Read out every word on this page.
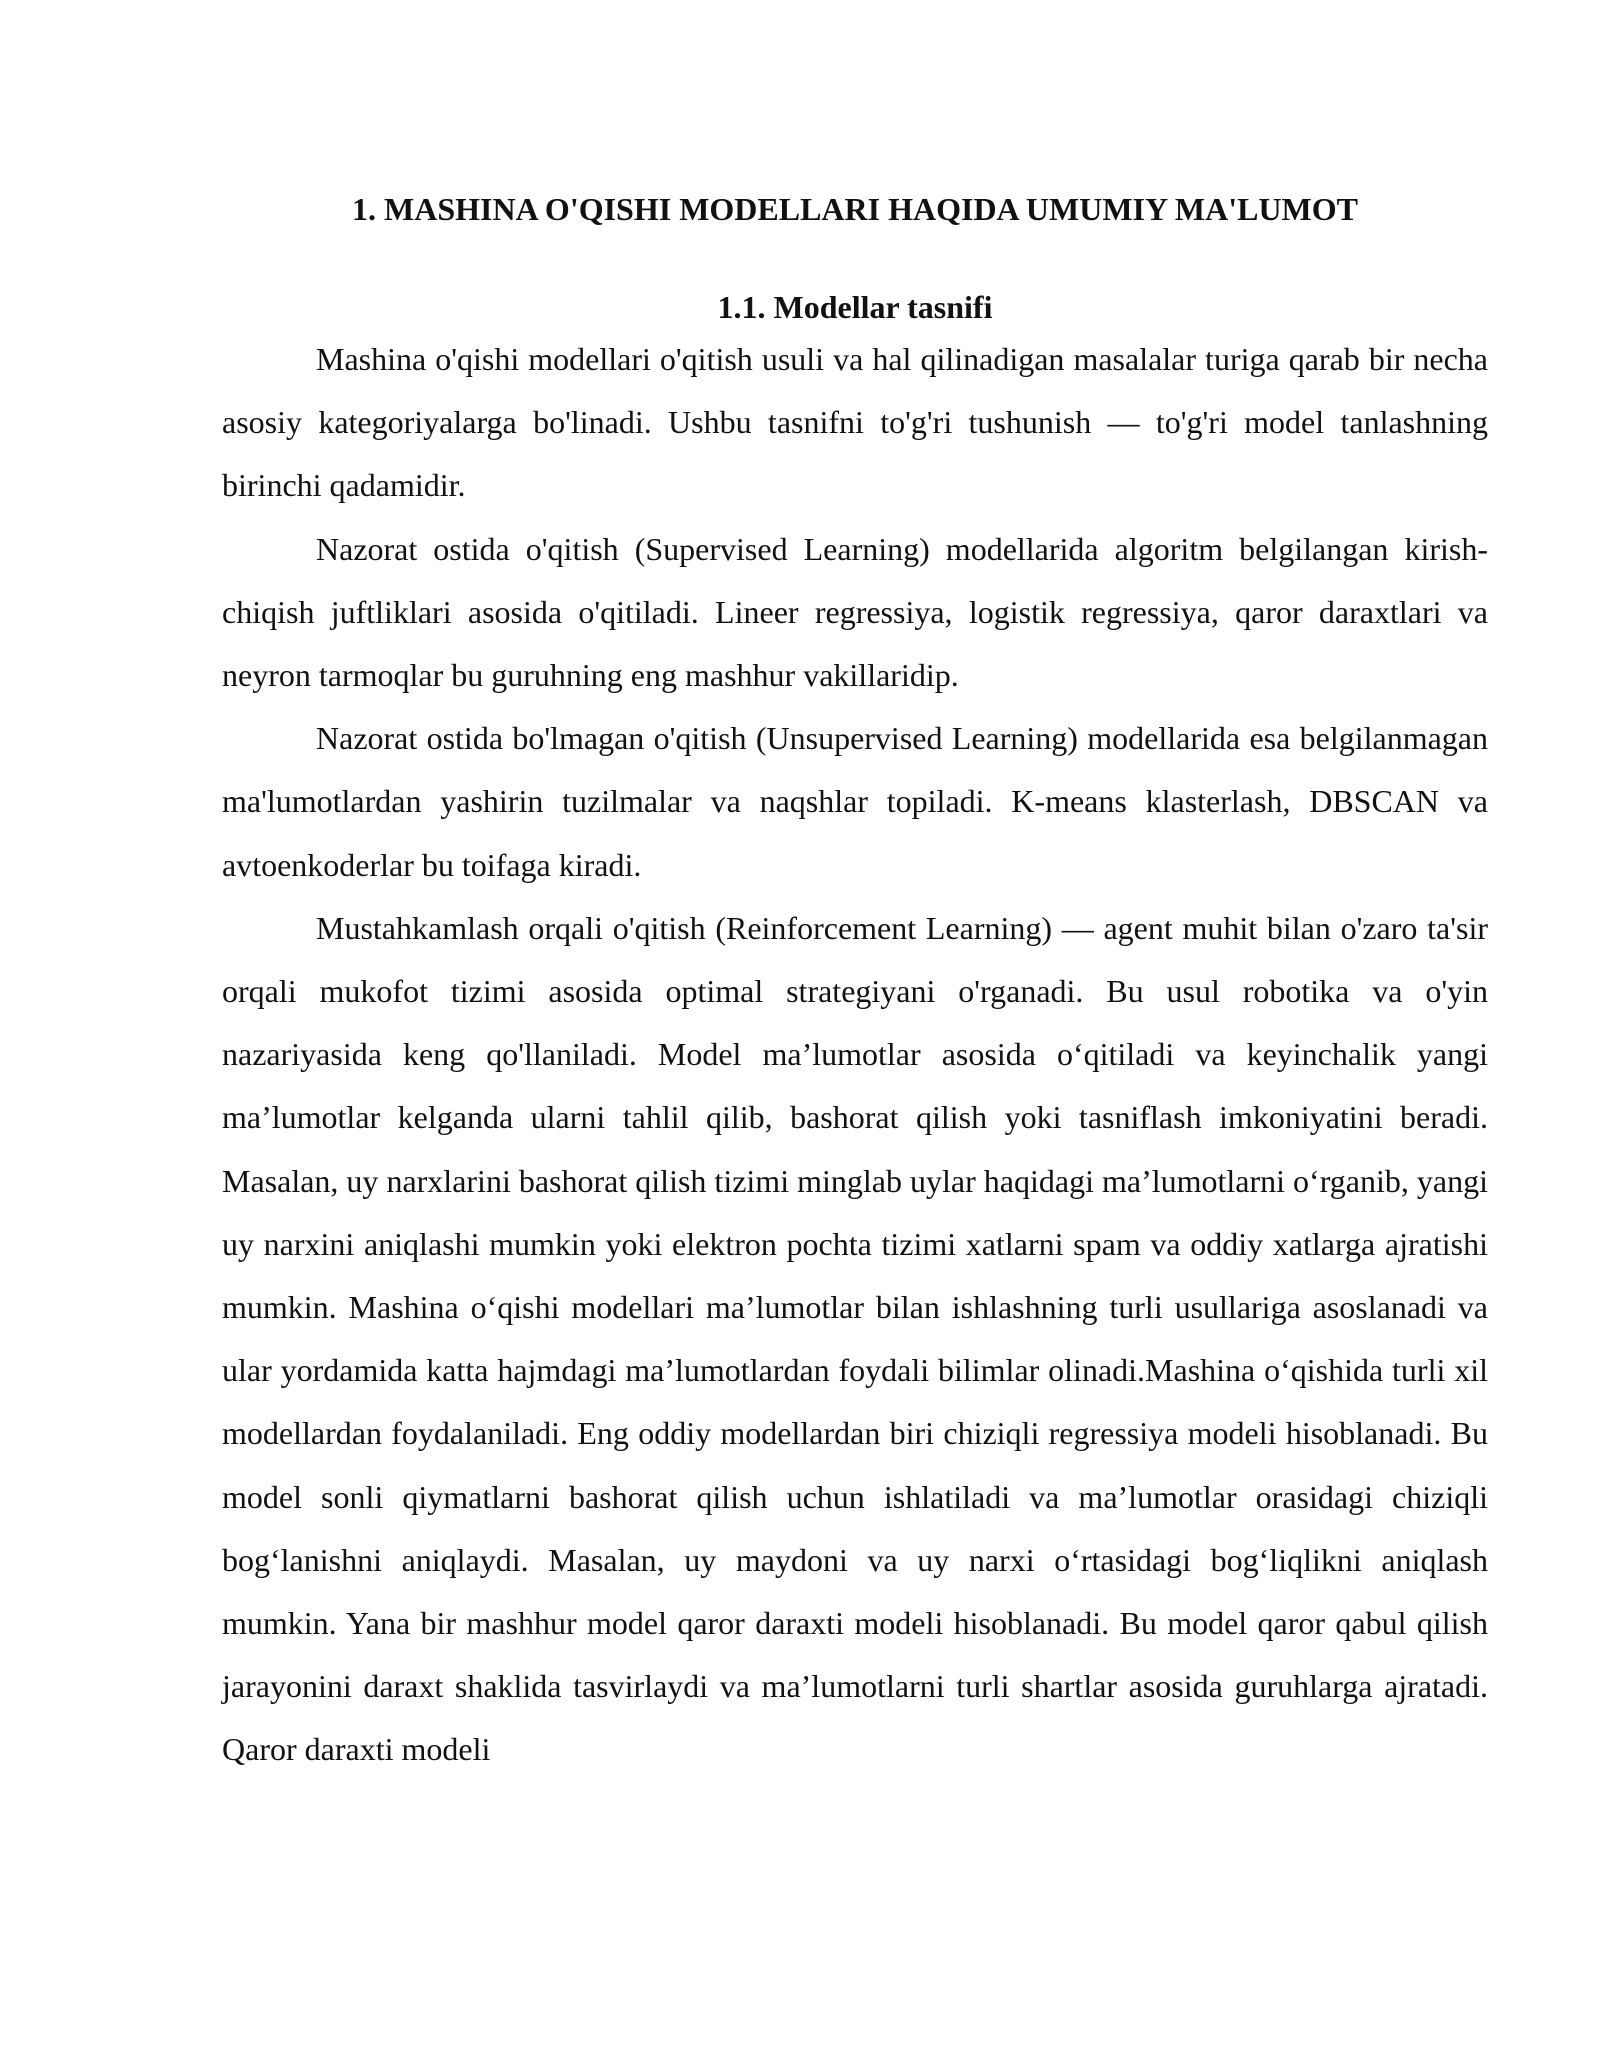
1. MASHINA O'QISHI MODELLARI HAQIDA UMUMIY MA'LUMOT
1.1. Modellar tasnifi

Mashina o'qishi modellari o'qitish usuli va hal qilinadigan masalalar turiga qarab bir necha asosiy kategoriyalarga bo'linadi. Ushbu tasnifni to'g'ri tushunish — to'g'ri model tanlashning birinchi qadamidir.

Nazorat ostida o'qitish (Supervised Learning) modellarida algoritm belgilangan kirish-chiqish juftliklari asosida o'qitiladi. Lineer regressiya, logistik regressiya, qaror daraxtlari va neyron tarmoqlar bu guruhning eng mashhur vakillaridip.

Nazorat ostida bo'lmagan o'qitish (Unsupervised Learning) modellarida esa belgilanmagan ma'lumotlardan yashirin tuzilmalar va naqshlar topiladi. K-means klasterlash, DBSCAN va avtoenkoderlar bu toifaga kiradi.

Mustahkamlash orqali o'qitish (Reinforcement Learning) — agent muhit bilan o'zaro ta'sir orqali mukofot tizimi asosida optimal strategiyani o'rganadi. Bu usul robotika va o'yin nazariyasida keng qo'llaniladi. Model ma’lumotlar asosida o‘qitiladi va keyinchalik yangi ma’lumotlar kelganda ularni tahlil qilib, bashorat qilish yoki tasniflash imkoniyatini beradi. Masalan, uy narxlarini bashorat qilish tizimi minglab uylar haqidagi ma’lumotlarni o‘rganib, yangi uy narxini aniqlashi mumkin yoki elektron pochta tizimi xatlarni spam va oddiy xatlarga ajratishi mumkin. Mashina o‘qishi modellari ma’lumotlar bilan ishlashning turli usullariga asoslanadi va ular yordamida katta hajmdagi ma’lumotlardan foydali bilimlar olinadi.Mashina o‘qishida turli xil modellardan foydalaniladi. Eng oddiy modellardan biri chiziqli regressiya modeli hisoblanadi. Bu model sonli qiymatlarni bashorat qilish uchun ishlatiladi va ma’lumotlar orasidagi chiziqli bog‘lanishni aniqlaydi. Masalan, uy maydoni va uy narxi o‘rtasidagi bog‘liqlikni aniqlash mumkin. Yana bir mashhur model qaror daraxti modeli hisoblanadi. Bu model qaror qabul qilish jarayonini daraxt shaklida tasvirlaydi va ma’lumotlarni turli shartlar asosida guruhlarga ajratadi. Qaror daraxti modeli
